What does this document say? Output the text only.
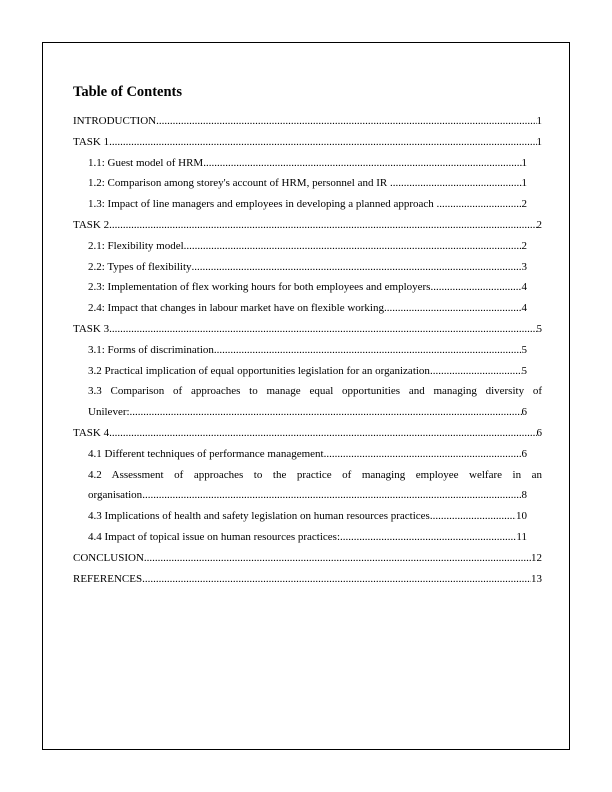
Table of Contents
INTRODUCTION .....	1
TASK 1 .....	1
1.1: Guest model of HRM .....	1
1.2: Comparison among storey's account of HRM, personnel and IR .....	1
1.3: Impact of line managers and employees in developing a planned approach .....	2
TASK 2 .....	2
2.1: Flexibility model .....	2
2.2: Types of flexibility .....	3
2.3: Implementation of flex working hours for both employees and employers .....	4
2.4: Impact that changes in labour market have on flexible working .....	4
TASK 3 .....	5
3.1: Forms of discrimination .....	5
3.2 Practical implication of equal opportunities legislation for an organization .....	5
3.3 Comparison of approaches to manage equal opportunities and managing diversity of
Unilever: .....	6
TASK 4 .....	6
4.1 Different techniques of performance management .....	6
4.2 Assessment of approaches to the practice of managing employee welfare in an
organisation .....	8
4.3 Implications of health and safety legislation on human resources practices .....	10
4.4 Impact of topical issue on human resources practices: .....	11
CONCLUSION .....	12
REFERENCES .....	13
